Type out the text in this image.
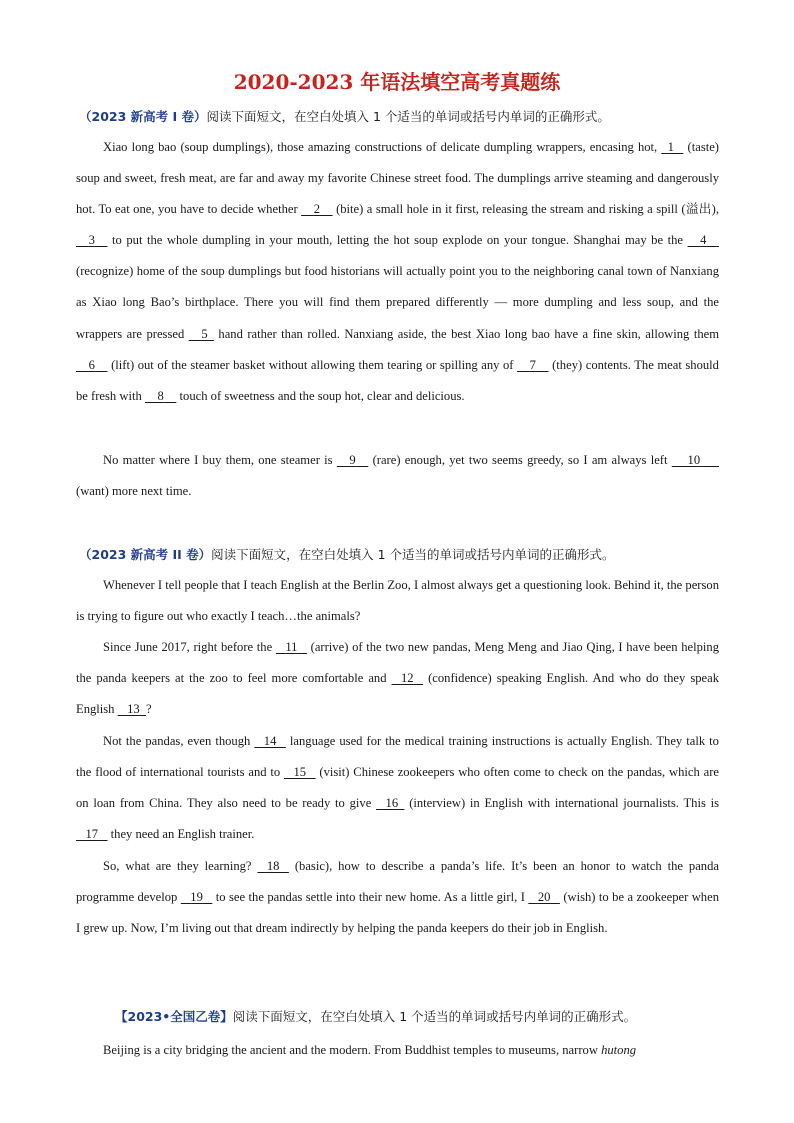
2020-2023 年语法填空高考真题练
（2023 新高考 I 卷）阅读下面短文，在空白处填入 1 个适当的单词或括号内单词的正确形式。
Xiao long bao (soup dumplings), those amazing constructions of delicate dumpling wrappers, encasing hot,   1 (taste) soup and sweet, fresh meat, are far and away my favorite Chinese street food. The dumplings arrive steaming and dangerously hot. To eat one, you have to decide whether     2 (bite) a small hole in it first, releasing the stream and risking a spill (溢出),     3 to put the whole dumpling in your mouth, letting the hot soup explode on your tongue. Shanghai may be the     4     (recognize) home of the soup dumplings but food historians will actually point you to the neighboring canal town of Nanxiang as Xiao long Bao’s birthplace. There you will find them prepared differently — more dumpling and less soup, and the wrappers are pressed     5 hand rather than rolled. Nanxiang aside, the best Xiao long bao have a fine skin, allowing them     6 (lift) out of the steamer basket without allowing them tearing or spilling any of     7 (they) contents. The meat should be fresh with     8 touch of sweetness and the soup hot, clear and delicious.
No matter where I buy them, one steamer is     9 (rare) enough, yet two seems greedy, so I am always left      10       (want) more next time.
（2023 新高考 II 卷）阅读下面短文，在空白处填入 1 个适当的单词或括号内单词的正确形式。
Whenever I tell people that I teach English at the Berlin Zoo, I almost always get a questioning look. Behind it, the person is trying to figure out who exactly I teach…the animals?
Since June 2017, right before the    11 (arrive) of the two new pandas, Meng Meng and Jiao Qing, I have been helping the panda keepers at the zoo to feel more comfortable and    12 (confidence) speaking English. And who do they speak English    13 ?
Not the pandas, even though    14 language used for the medical training instructions is actually English. They talk to the flood of international tourists and to    15 (visit) Chinese zookeepers who often come to check on the pandas, which are on loan from China. They also need to be ready to give    16 (interview) in English with international journalists. This is    17 they need an English trainer.
So, what are they learning?    18 (basic), how to describe a panda’s life. It’s been an honor to watch the panda programme develop    19 to see the pandas settle into their new home. As a little girl, I    20 (wish) to be a zookeeper when I grew up. Now, I’m living out that dream indirectly by helping the panda keepers do their job in English.
【2023•全国乙卷】阅读下面短文，在空白处填入 1 个适当的单词或括号内单词的正确形式。
Beijing is a city bridging the ancient and the modern. From Buddhist temples to museums, narrow hutong
